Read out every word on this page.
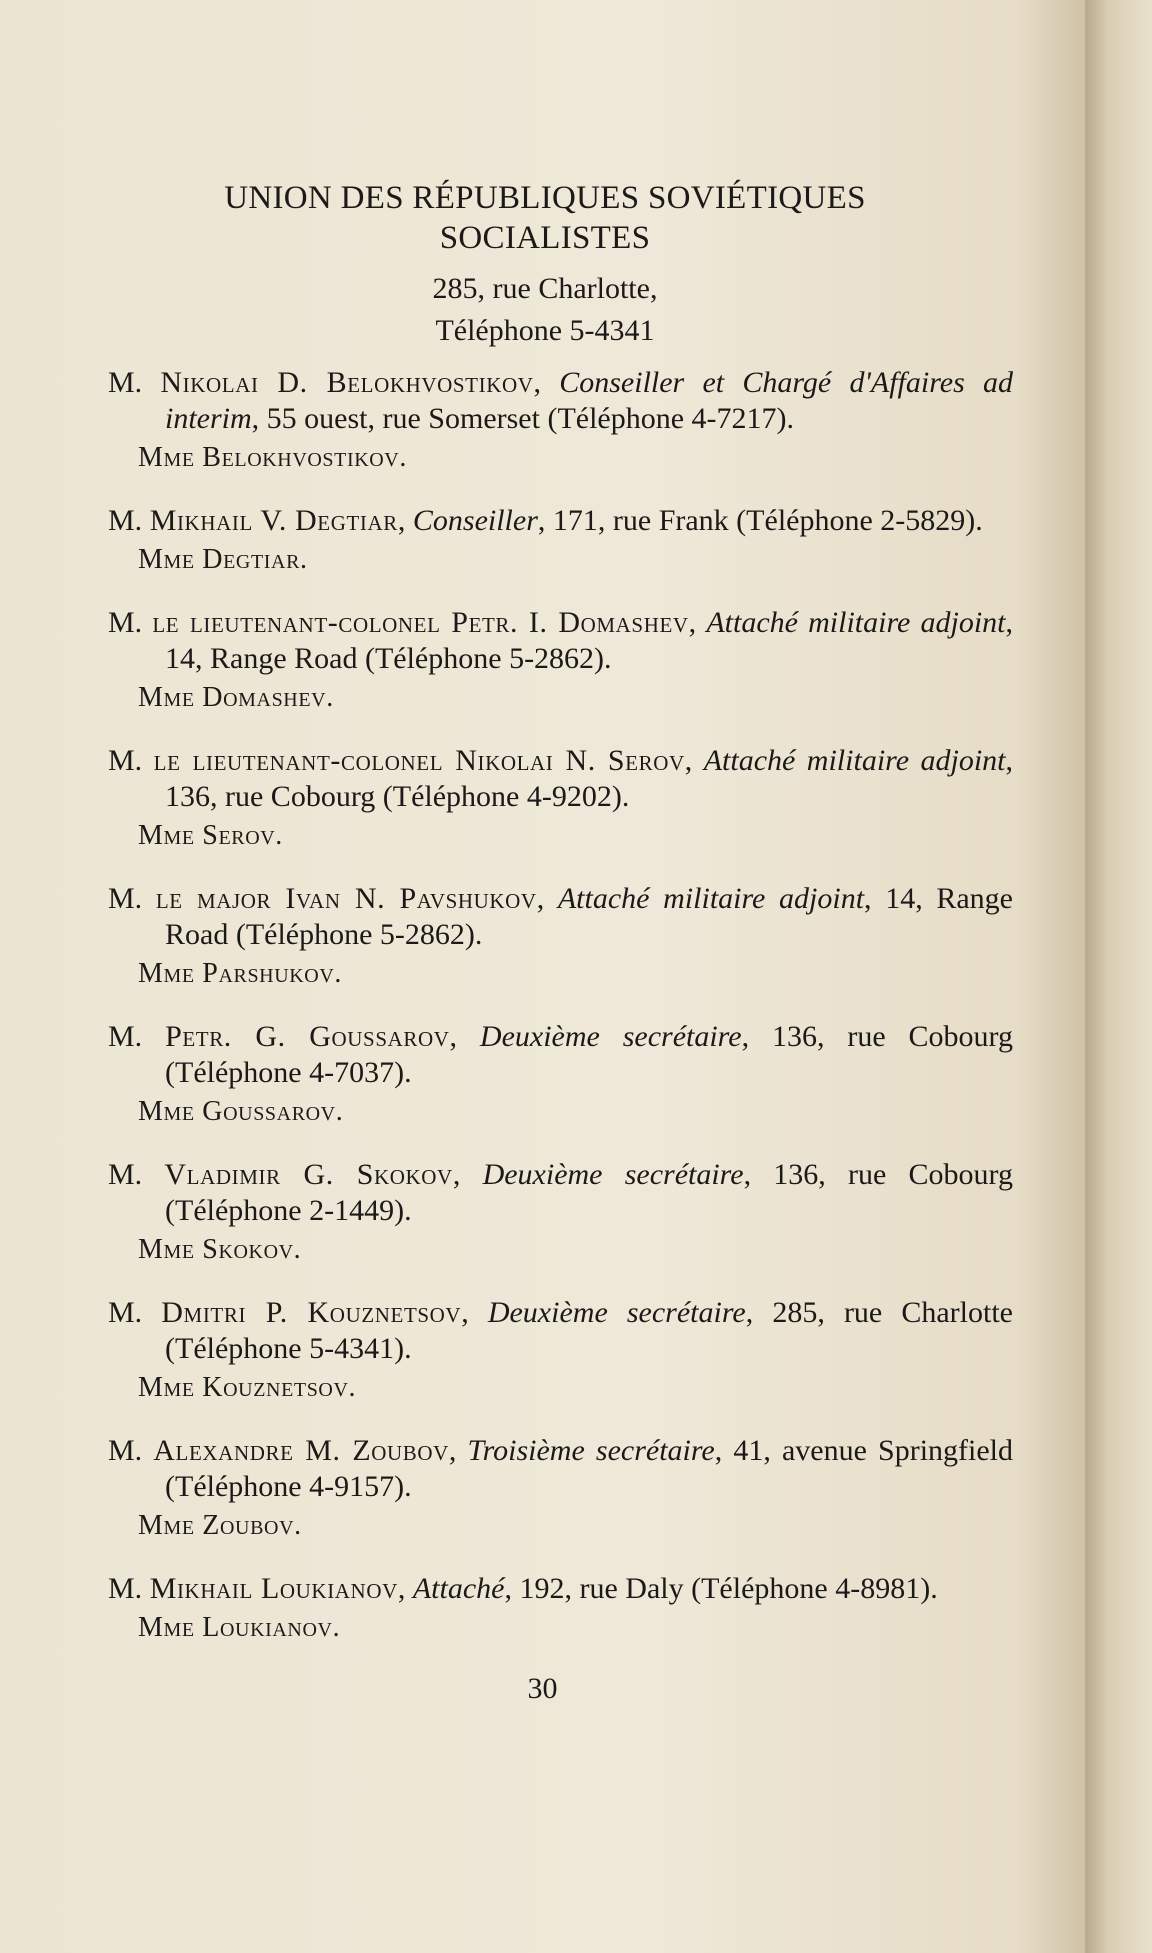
UNION DES RÉPUBLIQUES SOVIÉTIQUES
SOCIALISTES
285, rue Charlotte,
Téléphone 5-4341
M. Nikolai D. Belokhvostikov, Conseiller et Chargé d'Affaires ad interim, 55 ouest, rue Somerset (Téléphone 4-7217).
Mme Belokhvostikov.
M. Mikhail V. Degtiar, Conseiller, 171, rue Frank (Téléphone 2-5829).
Mme Degtiar.
M. le lieutenant-colonel Petr. I. Domashev, Attaché militaire adjoint, 14, Range Road (Téléphone 5-2862).
Mme Domashev.
M. le lieutenant-colonel Nikolai N. Serov, Attaché militaire adjoint, 136, rue Cobourg (Téléphone 4-9202).
Mme Serov.
M. le major Ivan N. Pavshukov, Attaché militaire adjoint, 14, Range Road (Téléphone 5-2862).
Mme Parshukov.
M. Petr. G. Goussarov, Deuxième secrétaire, 136, rue Cobourg (Téléphone 4-7037).
Mme Goussarov.
M. Vladimir G. Skokov, Deuxième secrétaire, 136, rue Cobourg (Téléphone 2-1449).
Mme Skokov.
M. Dmitri P. Kouznetsov, Deuxième secrétaire, 285, rue Charlotte (Téléphone 5-4341).
Mme Kouznetsov.
M. Alexandre M. Zoubov, Troisième secrétaire, 41, avenue Springfield (Téléphone 4-9157).
Mme Zoubov.
M. Mikhail Loukianov, Attaché, 192, rue Daly (Téléphone 4-8981).
Mme Loukianov.
30
